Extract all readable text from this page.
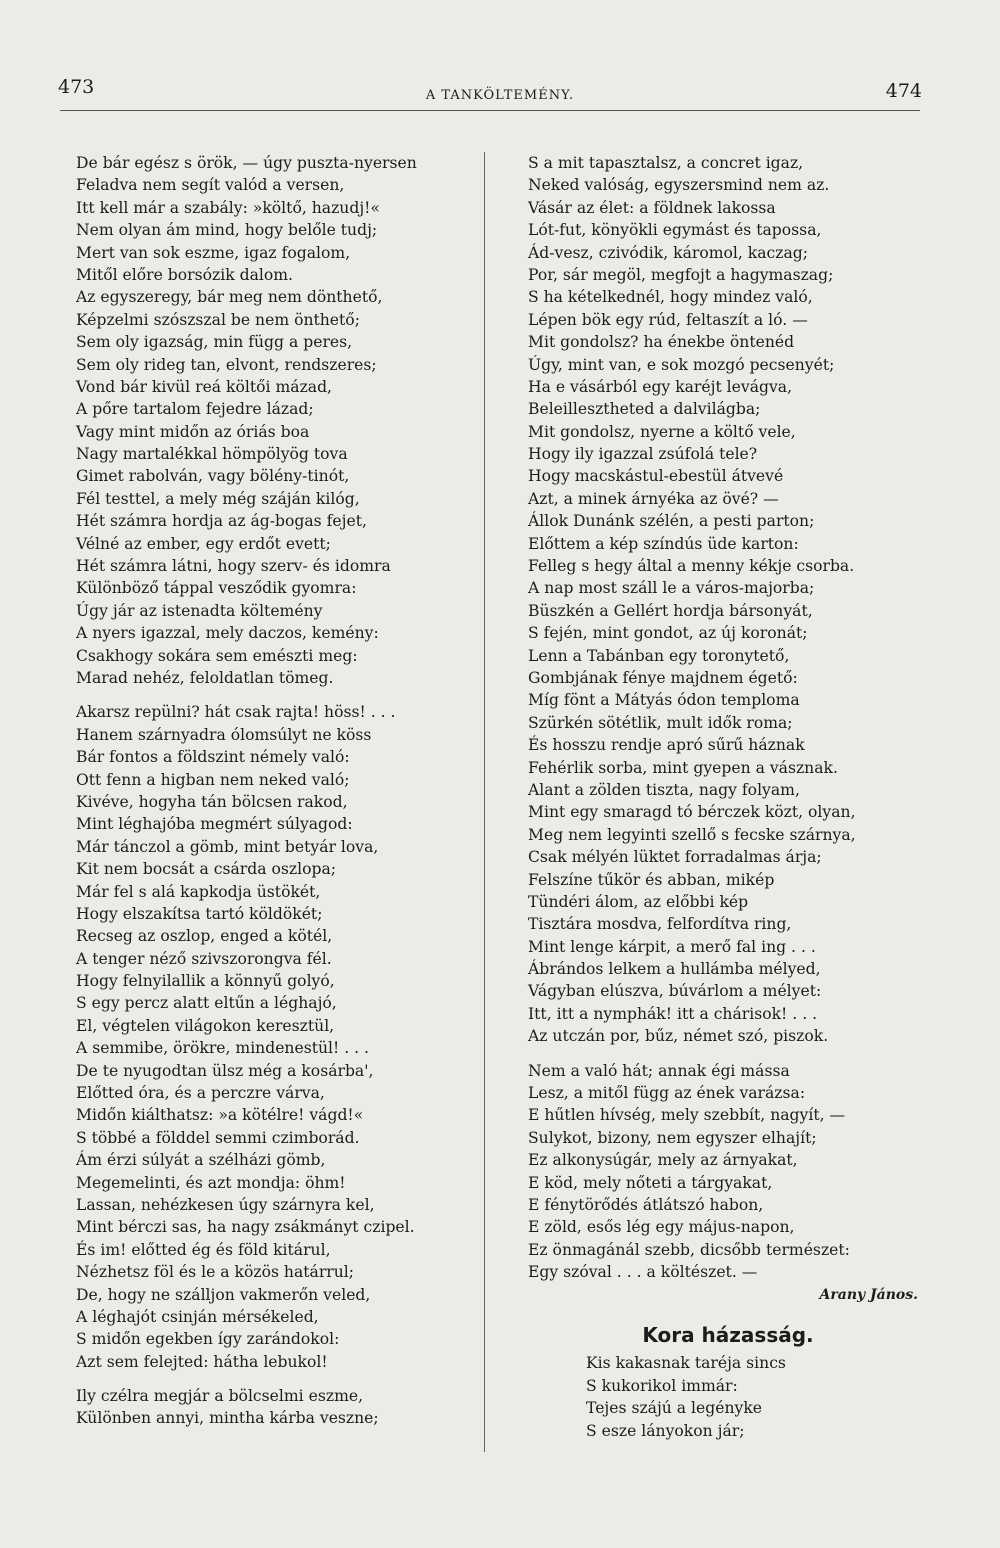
473	A TANKÖLTEMÉNY.	474
De bár egész s örök, — úgy puszta-nyersen
Feladva nem segít valód a versen,
Itt kell már a szabály: »költő, hazudj!«
Nem olyan ám mind, hogy belőle tudj;
Mert van sok eszme, igaz fogalom,
Mitől előre borsózik dalom.
Az egyszeregy, bár meg nem dönthető,
Képzelmi szószszal be nem önthető;
Sem oly igazság, min függ a peres,
Sem oly rideg tan, elvont, rendszeres;
Vond bár kivül reá költői mázad,
A pőre tartalom fejedre lázad;
Vagy mint midőn az óriás boa
Nagy martalékkal hömpölyög tova
Gimet rabolván, vagy bölény-tinót,
Fél testtel, a mely még száján kilóg,
Hét számra hordja az ág-bogas fejet,
Vélné az ember, egy erdőt evett;
Hét számra látni, hogy szerv- és idomra
Különböző táppal vesződik gyomra:
Úgy jár az istenadta költemény
A nyers igazzal, mely daczos, kemény:
Csakhogy sokára sem emészti meg:
Marad nehéz, feloldatlan tömeg.
Akarsz repülni? hát csak rajta! höss! . . .
Hanem szárnyadra ólomsúlyt ne köss
Bár fontos a földszint némely való:
Ott fenn a higban nem neked való;
Kivéve, hogyha tán bölcsen rakod,
Mint léghajóba megmért súlyagod:
Már tánczol a gömb, mint betyár lova,
Kit nem bocsát a csárda oszlopa;
Már fel s alá kapkodja üstökét,
Hogy elszakítsa tartó köldökét;
Recseg az oszlop, enged a kötél,
A tenger néző szivszorongva fél.
Hogy felnyilallik a könnyű golyó,
S egy percz alatt eltűn a léghajó,
El, végtelen világokon keresztül,
A semmibe, örökre, mindenestül! . . .
De te nyugodtan ülsz még a kosárba',
Előtted óra, és a perczre várva,
Midőn kiálthatsz: »a kötélre! vágd!«
S többé a földdel semmi czimborád.
Ám érzi súlyát a szélházi gömb,
Megemelinti, és azt mondja: öhm!
Lassan, nehézkesen úgy szárnyra kel,
Mint bérczi sas, ha nagy zsákmányt czipel.
És im! előtted ég és föld kitárul,
Nézhetsz föl és le a közös határrul;
De, hogy ne szálljon vakmerőn veled,
A léghajót csinján mérsékeled,
S midőn egekben így zarándokol:
Azt sem felejted: hátha lebukol!
Ily czélra megjár a bölcselmi eszme,
Különben annyi, mintha kárba veszne;
S a mit tapasztalsz, a concret igaz,
Neked valóság, egyszersmind nem az.
Vásár az élet: a földnek lakossa
Lót-fut, könyökli egymást és tapossa,
Ád-vesz, czivódik, káromol, kaczag;
Por, sár megöl, megfojt a hagymaszag;
S ha kételkednél, hogy mindez való,
Lépen bök egy rúd, feltaszít a ló. —
Mit gondolsz? ha énekbe öntenéd
Úgy, mint van, e sok mozgó pecsenyét;
Ha e vásárból egy karéjt levágva,
Beleillesztheted a dalvilágba;
Mit gondolsz, nyerne a költő vele,
Hogy ily igazzal zsúfolá tele?
Hogy macskástul-ebestül átvevé
Azt, a minek árnyéka az övé? —
Állok Dunánk szélén, a pesti parton;
Előttem a kép színdús üde karton:
Felleg s hegy által a menny kékje csorba.
A nap most száll le a város-majorba;
Büszkén a Gellért hordja bársonyát,
S fején, mint gondot, az új koronát;
Lenn a Tabánban egy toronytető,
Gombjának fénye majdnem égető:
Míg fönt a Mátyás ódon temploma
Szürkén sötétlik, mult idők roma;
És hosszu rendje apró sűrű háznak
Fehérlik sorba, mint gyepen a vásznak.
Alant a zölden tiszta, nagy folyam,
Mint egy smaragd tó bérczek közt, olyan,
Meg nem legyinti szellő s fecske szárnya,
Csak mélyén lüktet forradalmas árja;
Felszíne tűkör és abban, mikép
Tündéri álom, az előbbi kép
Tisztára mosdva, felfordítva ring,
Mint lenge kárpit, a merő fal ing . . .
Ábrándos lelkem a hullámba mélyed,
Vágyban elúszva, búvárlom a mélyet:
Itt, itt a nymphák! itt a chárisok! . . .
Az utczán por, bűz, német szó, piszok.
Nem a való hát; annak égi mássa
Lesz, a mitől függ az ének varázsa:
E hűtlen hívség, mely szebbít, nagyít, —
Sulykot, bizony, nem egyszer elhajít;
Ez alkonysúgár, mely az árnyakat,
E köd, mely nőteti a tárgyakat,
E fénytörődés átlátszó habon,
E zöld, esős lég egy május-napon,
Ez önmagánál szebb, dicsőbb természet:
Egy szóval . . . a költészet. —
Arany János.
Kora házasság.
Kis kakasnak taréja sincs
S kukorikol immár:
Tejes szájú a legényke
S esze lányokon jár;
